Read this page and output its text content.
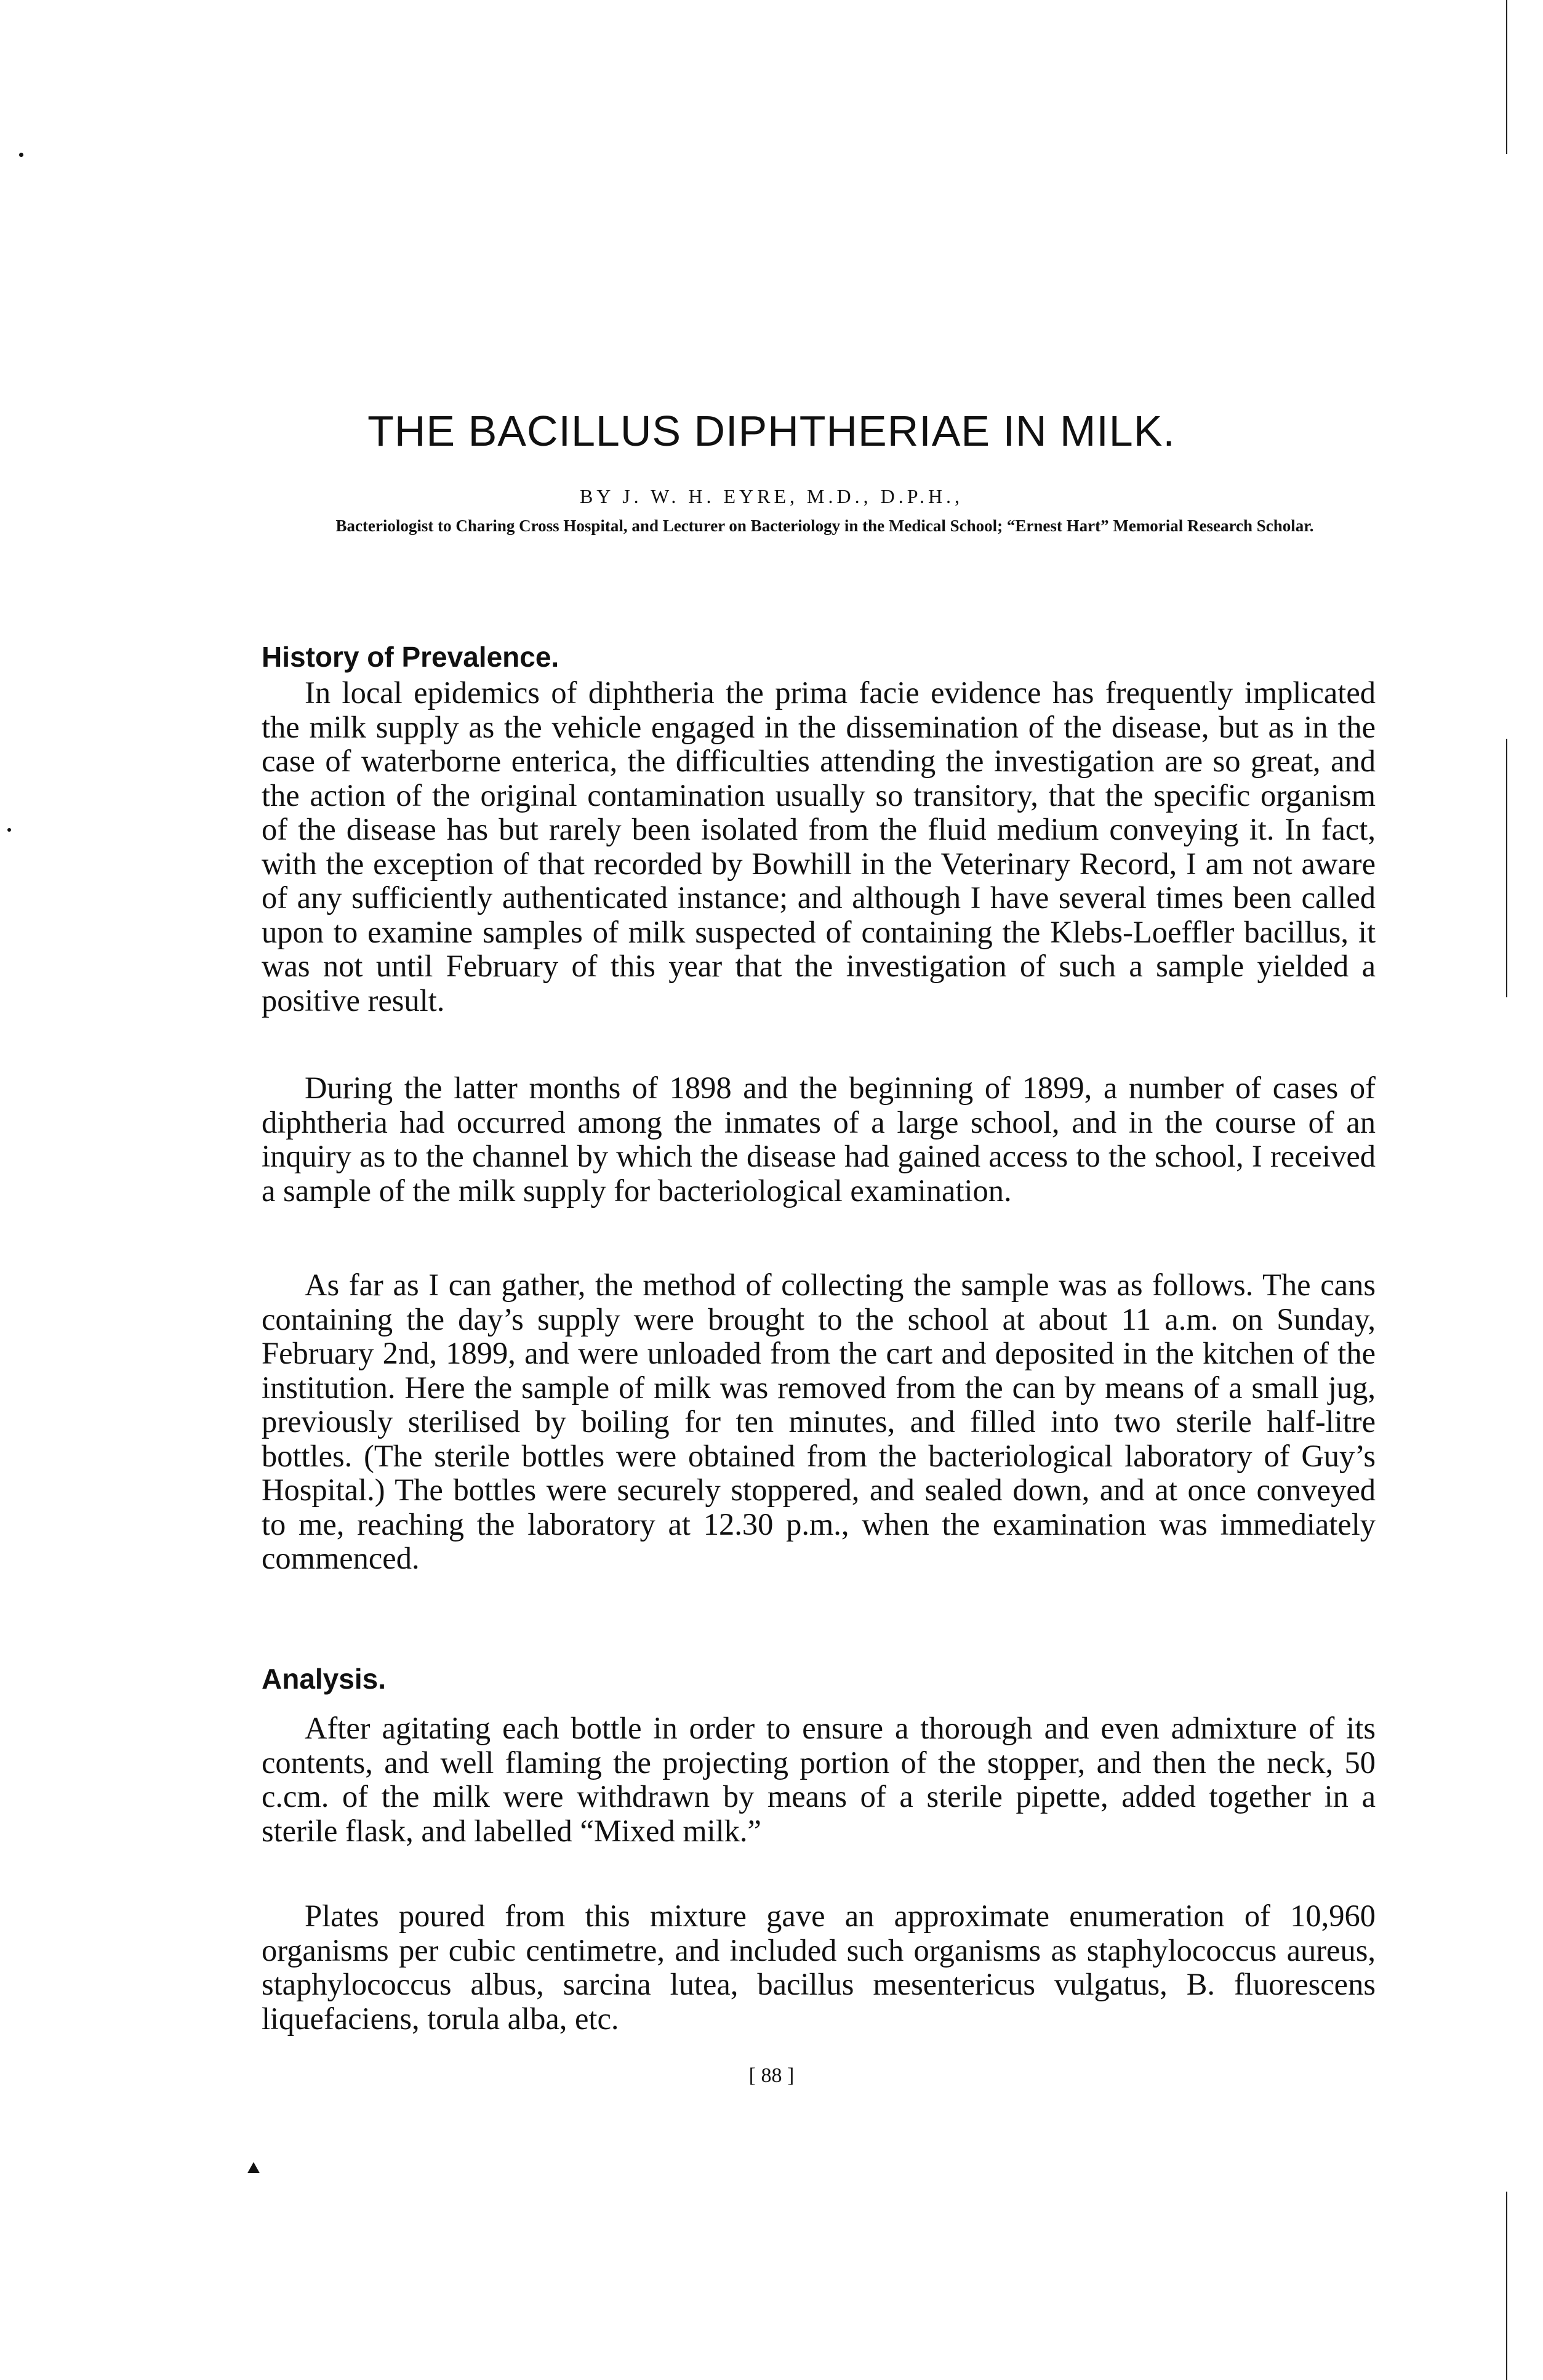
THE BACILLUS DIPHTHERIAE IN MILK.
BY J. W. H. EYRE, M.D., D.P.H.,
Bacteriologist to Charing Cross Hospital, and Lecturer on Bacteriology in the Medical School; “Ernest Hart” Memorial Research Scholar.
History of Prevalence.

In local epidemics of diphtheria the prima facie evidence has frequently implicated the milk supply as the vehicle engaged in the dissemination of the disease, but as in the case of waterborne enterica, the difficulties attending the investigation are so great, and the action of the original contamination usually so transitory, that the specific organism of the disease has but rarely been isolated from the fluid medium conveying it. In fact, with the exception of that recorded by Bowhill in the Veterinary Record, I am not aware of any sufficiently authenticated instance; and although I have several times been called upon to examine samples of milk suspected of containing the Klebs-Loeffler bacillus, it was not until February of this year that the investigation of such a sample yielded a positive result.

During the latter months of 1898 and the beginning of 1899, a number of cases of diphtheria had occurred among the inmates of a large school, and in the course of an inquiry as to the channel by which the disease had gained access to the school, I received a sample of the milk supply for bacteriological examination.

As far as I can gather, the method of collecting the sample was as follows. The cans containing the day’s supply were brought to the school at about 11 a.m. on Sunday, February 2nd, 1899, and were unloaded from the cart and deposited in the kitchen of the institution. Here the sample of milk was removed from the can by means of a small jug, previously sterilised by boiling for ten minutes, and filled into two sterile half-litre bottles. (The sterile bottles were obtained from the bacteriological laboratory of Guy’s Hospital.) The bottles were securely stoppered, and sealed down, and at once conveyed to me, reaching the laboratory at 12.30 p.m., when the examination was immediately commenced.

Analysis.

After agitating each bottle in order to ensure a thorough and even admixture of its contents, and well flaming the projecting portion of the stopper, and then the neck, 50 c.cm. of the milk were withdrawn by means of a sterile pipette, added together in a sterile flask, and labelled “Mixed milk.”

Plates poured from this mixture gave an approximate enumeration of 10,960 organisms per cubic centimetre, and included such organisms as staphylococcus aureus, staphylococcus albus, sarcina lutea, bacillus mesentericus vulgatus, B. fluorescens liquefaciens, torula alba, etc.

[ 88 ]
